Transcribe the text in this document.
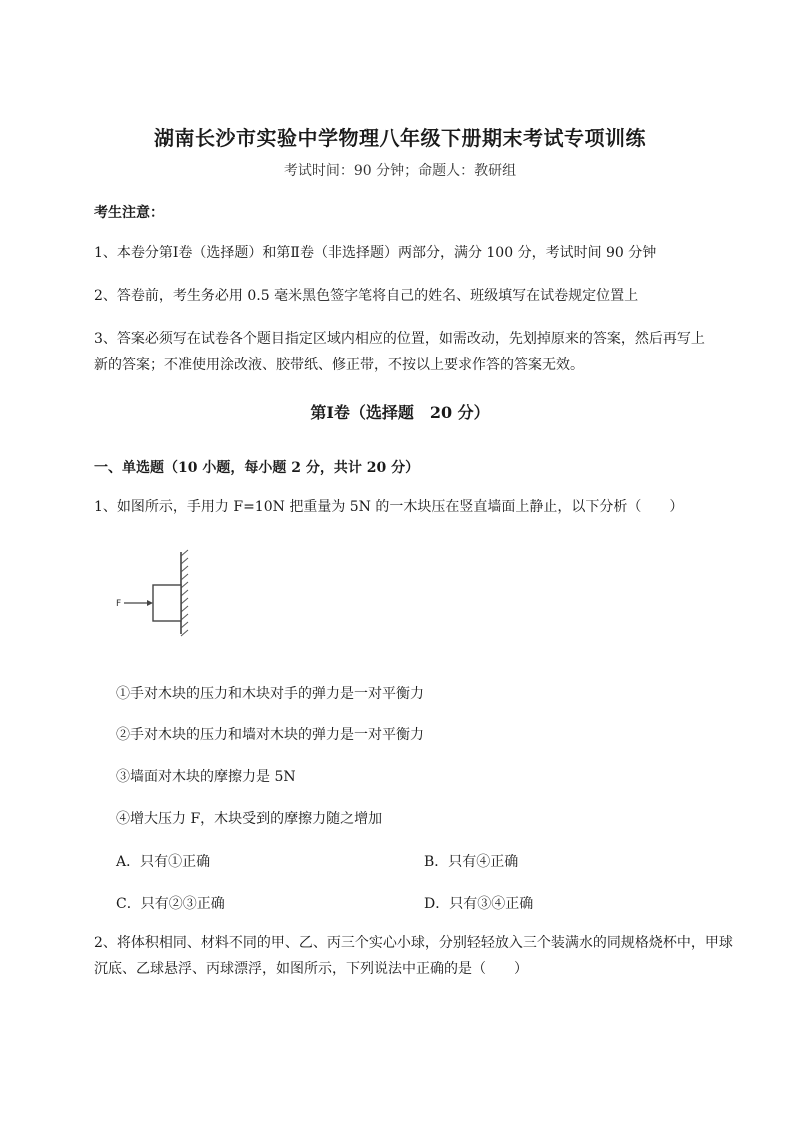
湖南长沙市实验中学物理八年级下册期末考试专项训练
考试时间：90 分钟；命题人：教研组
考生注意：
1、本卷分第Ⅰ卷（选择题）和第Ⅱ卷（非选择题）两部分，满分 100 分，考试时间 90 分钟
2、答卷前，考生务必用 0.5 毫米黑色签字笔将自己的姓名、班级填写在试卷规定位置上
3、答案必须写在试卷各个题目指定区域内相应的位置，如需改动，先划掉原来的答案，然后再写上新的答案；不准使用涂改液、胶带纸、修正带，不按以上要求作答的答案无效。
第Ⅰ卷（选择题　20 分）
一、单选题（10 小题，每小题 2 分，共计 20 分）
1、如图所示，手用力 F=10N 把重量为 5N 的一木块压在竖直墙面上静止，以下分析（　　）
F
①手对木块的压力和木块对手的弹力是一对平衡力
②手对木块的压力和墙对木块的弹力是一对平衡力
③墙面对木块的摩擦力是 5N
④增大压力 F，木块受到的摩擦力随之增加
A．只有①正确	B．只有④正确
C．只有②③正确	D．只有③④正确
2、将体积相同、材料不同的甲、乙、丙三个实心小球，分别轻轻放入三个装满水的同规格烧杯中，甲球沉底、乙球悬浮、丙球漂浮，如图所示，下列说法中正确的是（　　）
